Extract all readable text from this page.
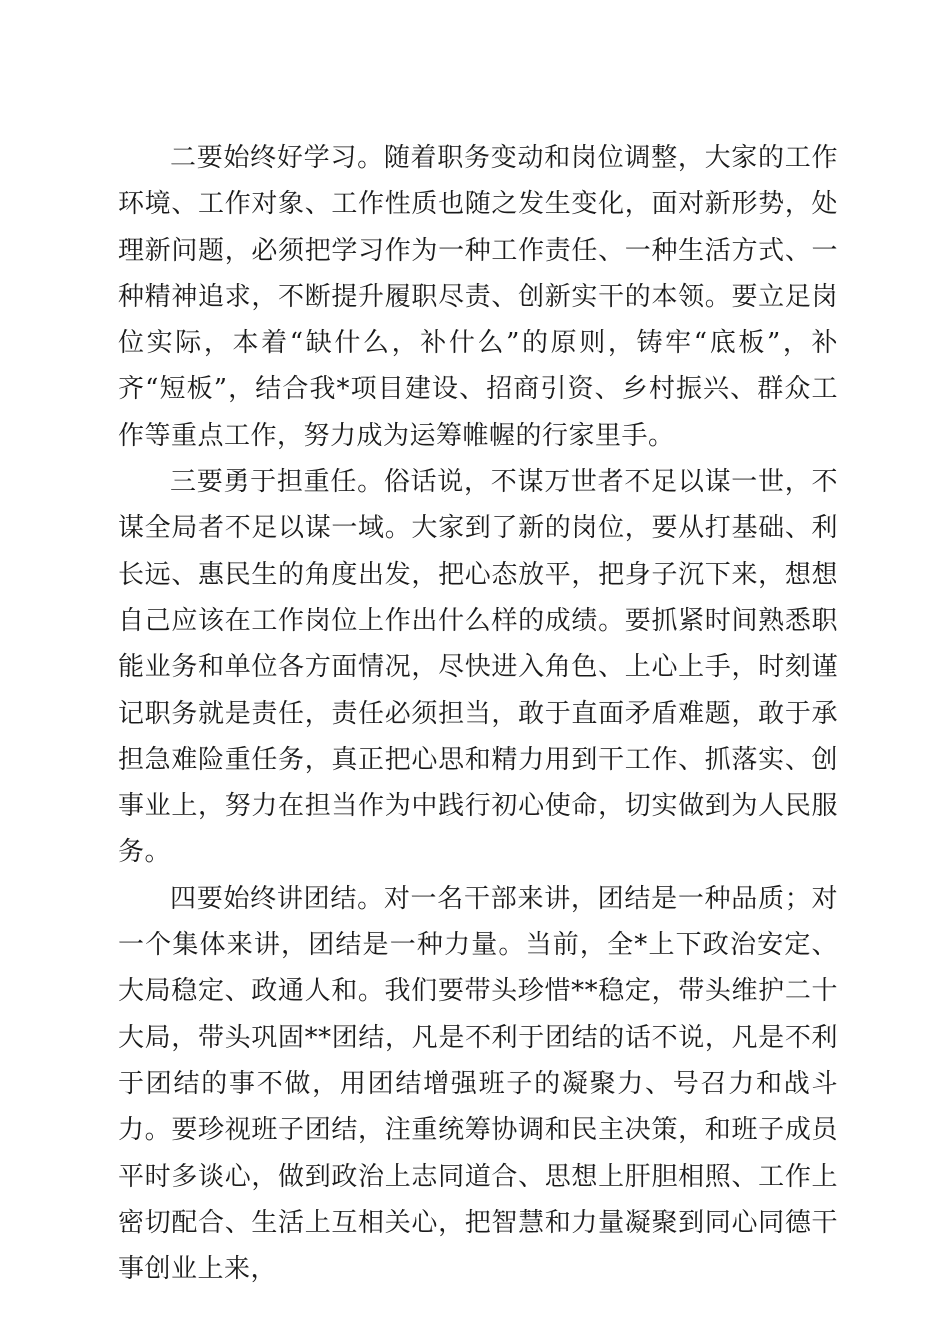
二要始终好学习。随着职务变动和岗位调整，大家的工作环境、工作对象、工作性质也随之发生变化，面对新形势，处理新问题，必须把学习作为一种工作责任、一种生活方式、一种精神追求，不断提升履职尽责、创新实干的本领。要立足岗位实际，本着“缺什么，补什么”的原则，铸牢“底板”，补齐“短板”，结合我*项目建设、招商引资、乡村振兴、群众工作等重点工作，努力成为运筹帷幄的行家里手。

三要勇于担重任。俗话说，不谋万世者不足以谋一世，不谋全局者不足以谋一域。大家到了新的岗位，要从打基础、利长远、惠民生的角度出发，把心态放平，把身子沉下来，想想自己应该在工作岗位上作出什么样的成绩。要抓紧时间熟悉职能业务和单位各方面情况，尽快进入角色、上心上手，时刻谨记职务就是责任，责任必须担当，敢于直面矛盾难题，敢于承担急难险重任务，真正把心思和精力用到干工作、抓落实、创事业上，努力在担当作为中践行初心使命，切实做到为人民服务。

四要始终讲团结。对一名干部来讲，团结是一种品质；对一个集体来讲，团结是一种力量。当前，全*上下政治安定、大局稳定、政通人和。我们要带头珍惜**稳定，带头维护二十大局，带头巩固**团结，凡是不利于团结的话不说，凡是不利于团结的事不做，用团结增强班子的凝聚力、号召力和战斗力。要珍视班子团结，注重统筹协调和民主决策，和班子成员平时多谈心，做到政治上志同道合、思想上肝胆相照、工作上密切配合、生活上互相关心，把智慧和力量凝聚到同心同德干事创业上来，
